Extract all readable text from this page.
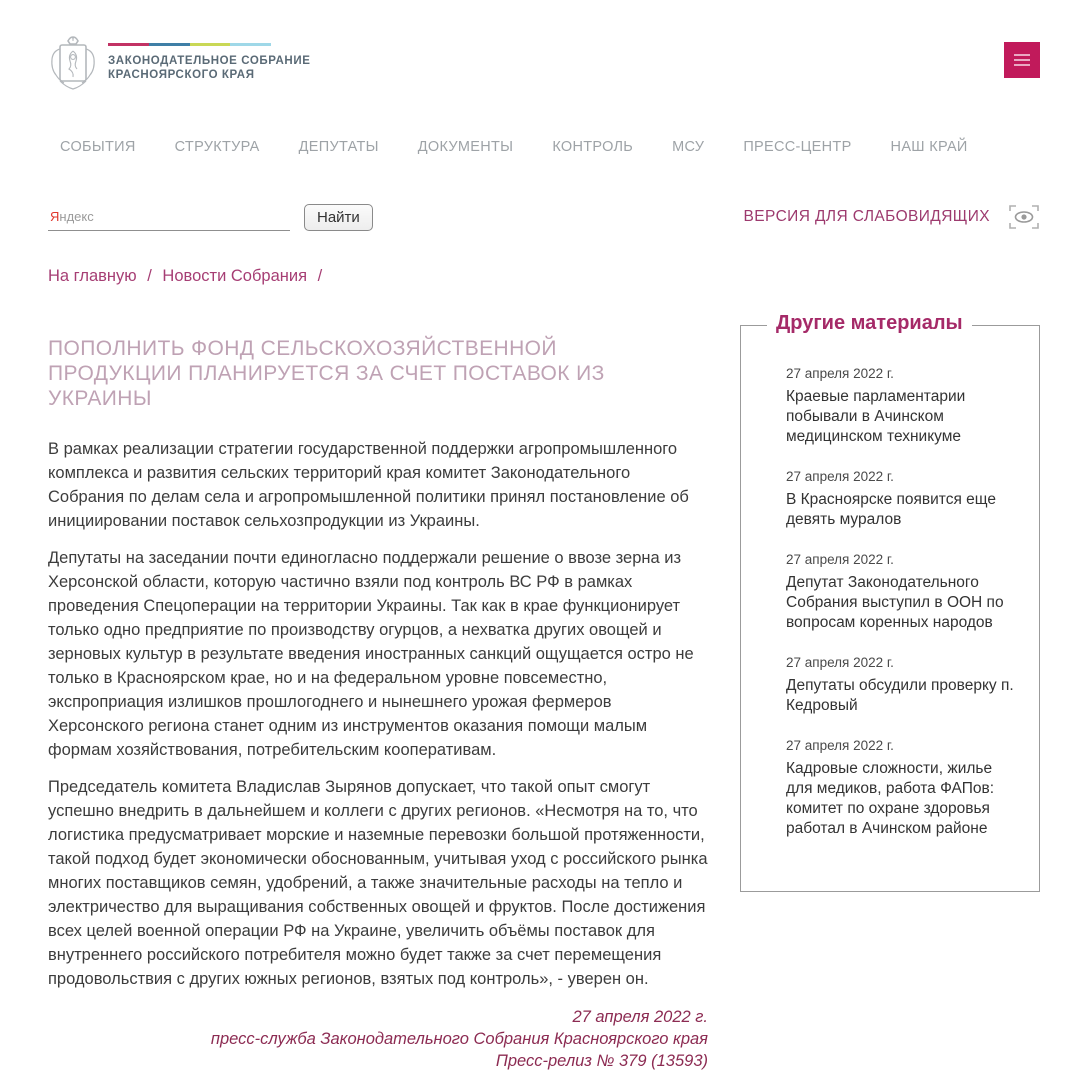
ЗАКОНОДАТЕЛЬНОЕ СОБРАНИЕ
КРАСНОЯРСКОГО КРАЯ
СОБЫТИЯ	СТРУКТУРА	ДЕПУТАТЫ	ДОКУМЕНТЫ	КОНТРОЛЬ	МСУ	ПРЕСС-ЦЕНТР	НАШ КРАЙ
Яндекс	Найти	ВЕРСИЯ ДЛЯ СЛАБОВИДЯЩИХ
На главную / Новости Собрания /
ПОПОЛНИТЬ ФОНД СЕЛЬСКОХОЗЯЙСТВЕННОЙ ПРОДУКЦИИ ПЛАНИРУЕТСЯ ЗА СЧЕТ ПОСТАВОК ИЗ УКРАИНЫ

В рамках реализации стратегии государственной поддержки агропромышленного комплекса и развития сельских территорий края комитет Законодательного Собрания по делам села и агропромышленной политики принял постановление об инициировании поставок сельхозпродукции из Украины.

Депутаты на заседании почти единогласно поддержали решение о ввозе зерна из Херсонской области, которую частично взяли под контроль ВС РФ в рамках проведения Спецоперации на территории Украины. Так как в крае функционирует только одно предприятие по производству огурцов, а нехватка других овощей и зерновых культур в результате введения иностранных санкций ощущается остро не только в Красноярском крае, но и на федеральном уровне повсеместно, экспроприация излишков прошлогоднего и нынешнего урожая фермеров Херсонского региона станет одним из инструментов оказания помощи малым формам хозяйствования, потребительским кооперативам.

Председатель комитета Владислав Зырянов допускает, что такой опыт смогут успешно внедрить в дальнейшем и коллеги с других регионов. «Несмотря на то, что логистика предусматривает морские и наземные перевозки большой протяженности, такой подход будет экономически обоснованным, учитывая уход с российского рынка многих поставщиков семян, удобрений, а также значительные расходы на тепло и электричество для выращивания собственных овощей и фруктов. После достижения всех целей военной операции РФ на Украине, увеличить объёмы поставок для внутреннего российского потребителя можно будет также за счет перемещения продовольствия с других южных регионов, взятых под контроль», - уверен он.

27 апреля 2022 г.
пресс-служба Законодательного Собрания Красноярского края
Пресс-релиз № 379 (13593)
Другие материалы
27 апреля 2022 г.
Краевые парламентарии побывали в Ачинском медицинском техникуме
27 апреля 2022 г.
В Красноярске появится еще девять муралов
27 апреля 2022 г.
Депутат Законодательного Собрания выступил в ООН по вопросам коренных народов
27 апреля 2022 г.
Депутаты обсудили проверку п. Кедровый
27 апреля 2022 г.
Кадровые сложности, жилье для медиков, работа ФАПов: комитет по охране здоровья работал в Ачинском районе
